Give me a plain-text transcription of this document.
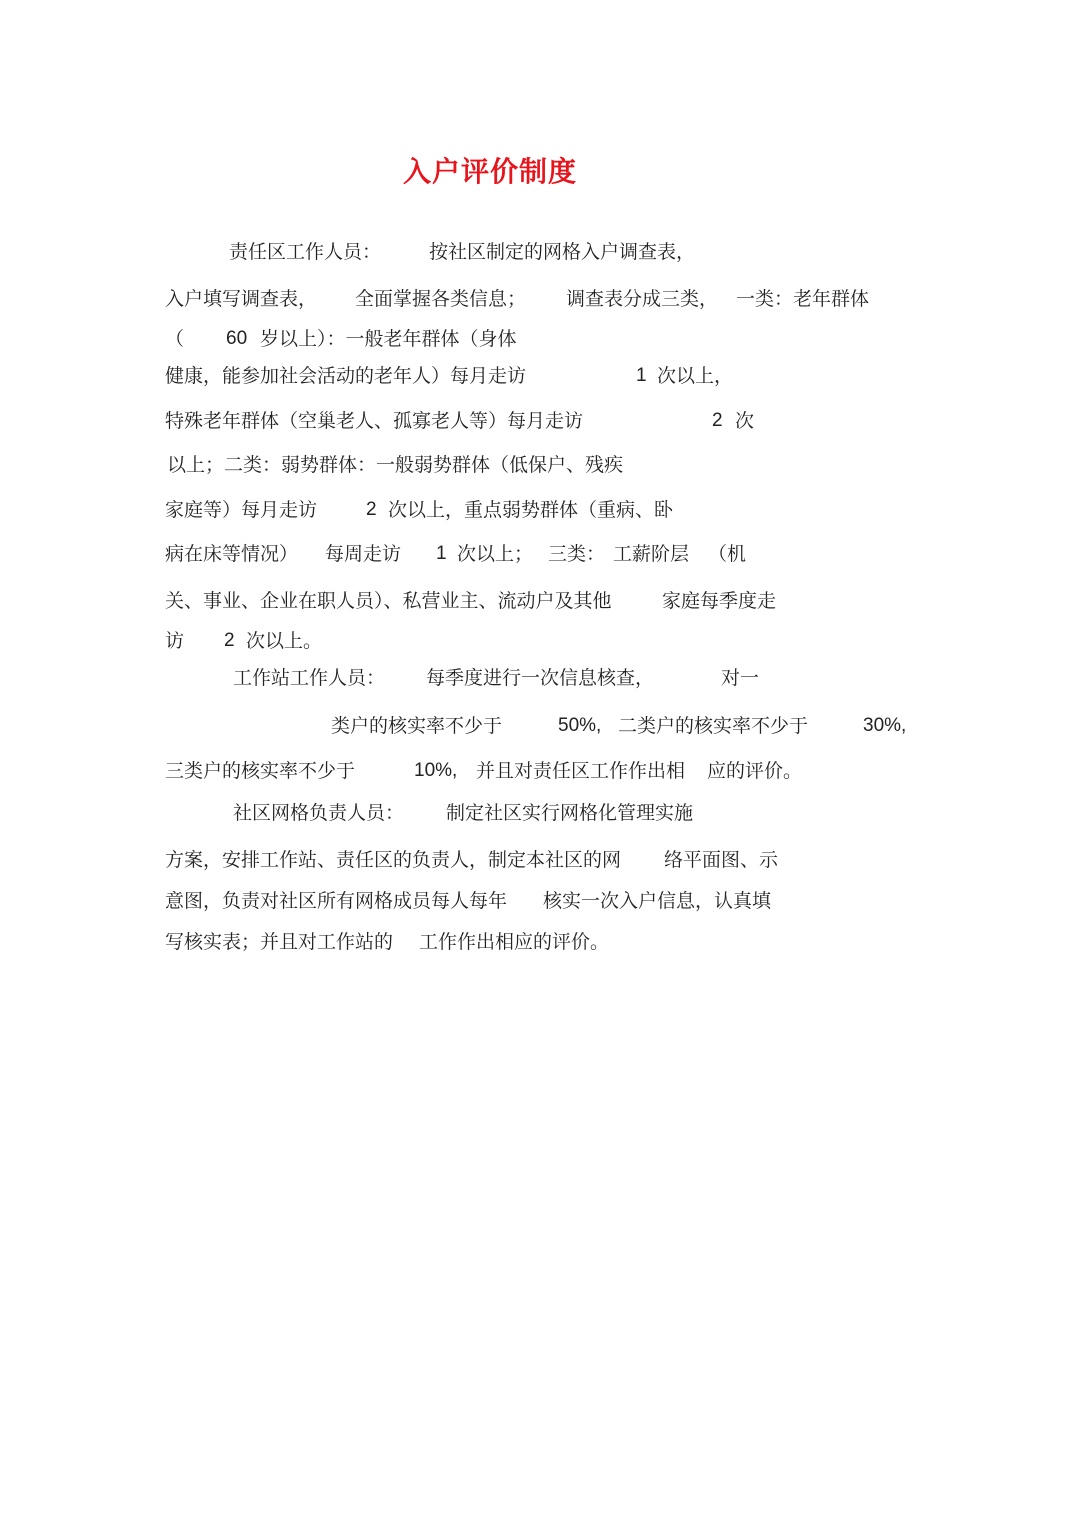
入户评价制度
责任区工作人员：	按社区制定的网格入户调查表，
入户填写调查表， 全面掌握各类信息； 调查表分成三类， 一类：老年群体
（ 60 岁以上）：一般老年群体（身体
健康，能参加社会活动的老年人）每月走访	1 次以上，
特殊老年群体（空巢老人、孤寡老人等）每月走访	2 次
以上；二类：弱势群体：一般弱势群体（低保户、残疾
家庭等）每月走访	2 次以上，重点弱势群体（重病、卧
病在床等情况） 每周走访 1 次以上； 三类： 工薪阶层 （机
关、事业、企业在职人员）、私营业主、流动户及其他	家庭每季度走
访 2 次以上。
工作站工作人员： 每季度进行一次信息核查，	对一
类户的核实率不少于	50%, 二类户的核实率不少于	30%,
三类户的核实率不少于	10%, 并且对责任区工作作出相 应的评价。
社区网格负责人员： 制定社区实行网格化管理实施
方案，安排工作站、责任区的负责人，制定本社区的网 络平面图、示
意图，负责对社区所有网格成员每人每年 核实一次入户信息，认真填
写核实表；并且对工作站的 工作作出相应的评价。
